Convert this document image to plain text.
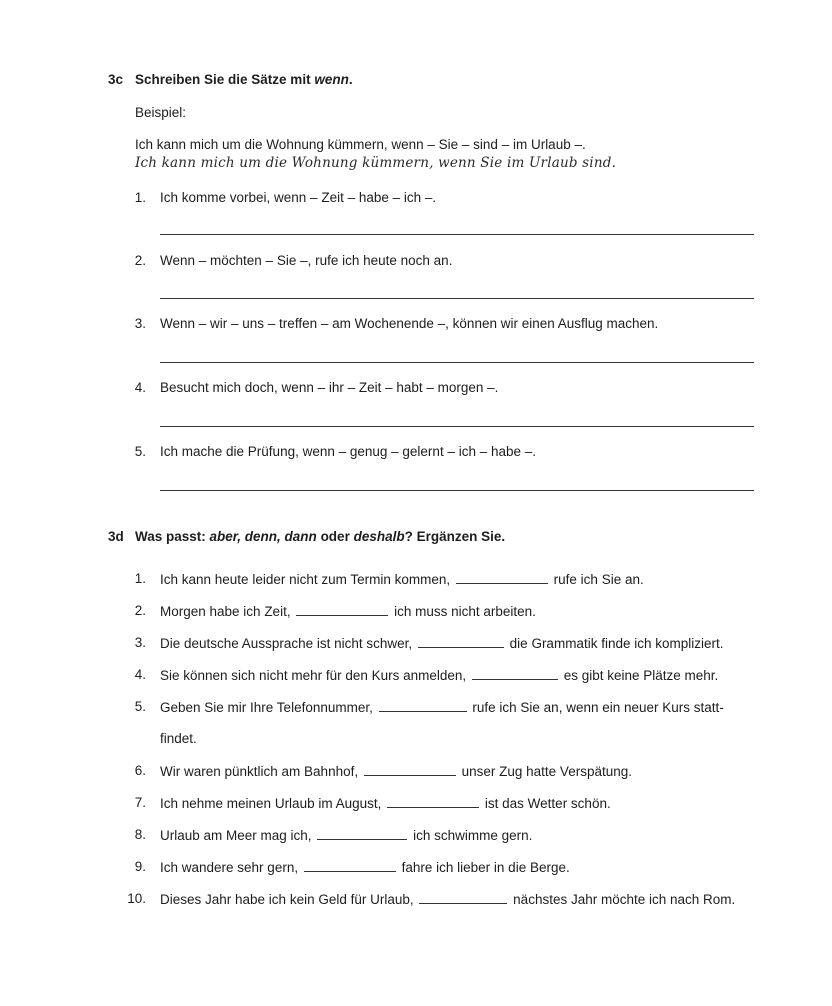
3c Schreiben Sie die Sätze mit wenn.
Beispiel:
Ich kann mich um die Wohnung kümmern, wenn – Sie – sind – im Urlaub –.
Ich kann mich um die Wohnung kümmern, wenn Sie im Urlaub sind.
1. Ich komme vorbei, wenn – Zeit – habe – ich –.
2. Wenn – möchten – Sie –, rufe ich heute noch an.
3. Wenn – wir – uns – treffen – am Wochenende –, können wir einen Ausflug machen.
4. Besucht mich doch, wenn – ihr – Zeit – habt – morgen –.
5. Ich mache die Prüfung, wenn – genug – gelernt – ich – habe –.
3d Was passt: aber, denn, dann oder deshalb? Ergänzen Sie.
1. Ich kann heute leider nicht zum Termin kommen,	rufe ich Sie an.
2. Morgen habe ich Zeit,	ich muss nicht arbeiten.
3. Die deutsche Aussprache ist nicht schwer,	die Grammatik finde ich kompliziert.
4. Sie können sich nicht mehr für den Kurs anmelden,	es gibt keine Plätze mehr.
5. Geben Sie mir Ihre Telefonnummer,	rufe ich Sie an, wenn ein neuer Kurs statt-
findet.
6. Wir waren pünktlich am Bahnhof,	unser Zug hatte Verspätung.
7. Ich nehme meinen Urlaub im August,	ist das Wetter schön.
8. Urlaub am Meer mag ich,	ich schwimme gern.
9. Ich wandere sehr gern,	fahre ich lieber in die Berge.
10. Dieses Jahr habe ich kein Geld für Urlaub,	nächstes Jahr möchte ich nach Rom.
